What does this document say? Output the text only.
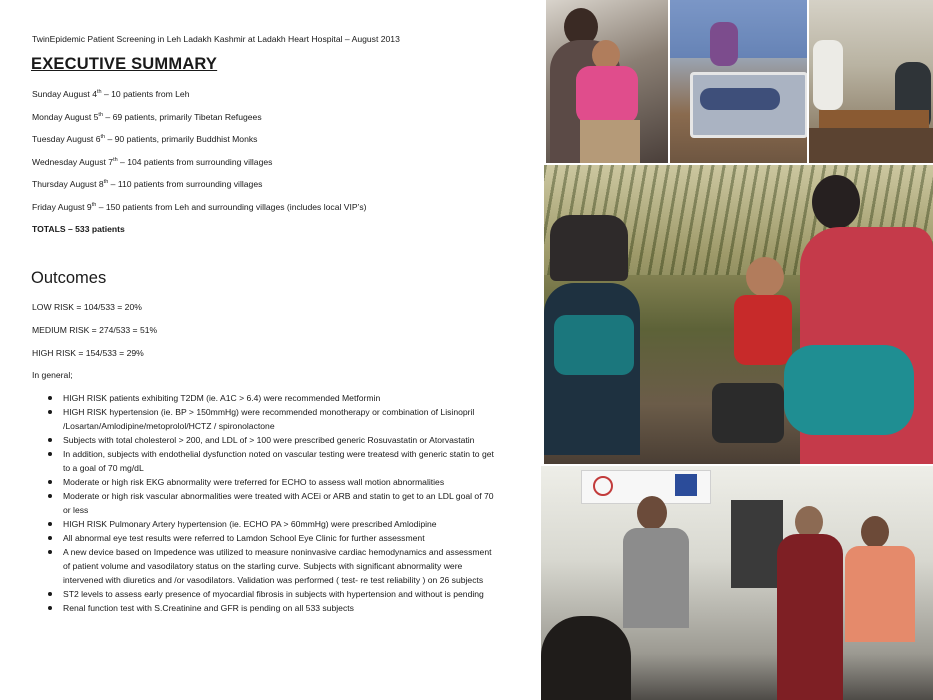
TwinEpidemic Patient Screening in Leh Ladakh Kashmir at Ladakh Heart Hospital – August 2013
EXECUTIVE SUMMARY
Sunday August 4th – 10 patients from Leh
Monday August 5th – 69 patients, primarily Tibetan Refugees
Tuesday August 6th – 90 patients, primarily Buddhist Monks
Wednesday August 7th – 104 patients from surrounding villages
Thursday August 8th – 110 patients from surrounding villages
Friday August 9th – 150 patients from Leh and surrounding villages (includes local VIP’s)
TOTALS – 533 patients
Outcomes
LOW RISK = 104/533 = 20%
MEDIUM RISK = 274/533 = 51%
HIGH RISK = 154/533 = 29%
In general;
HIGH RISK patients exhibiting T2DM (ie. A1C > 6.4) were recommended Metformin
HIGH RISK hypertension (ie. BP > 150mmHg) were recommended monotherapy or combination of Lisinopril /Losartan/Amlodipine/metoprolol/HCTZ / spironolactone
Subjects with total cholesterol > 200, and LDL of > 100 were prescribed generic Rosuvastatin or Atorvastatin
In addition, subjects with endothelial dysfunction noted on vascular testing were treatesd with generic statin to get to a goal of 70 mg/dL
Moderate or high risk EKG abnormality were treferred for ECHO to assess wall motion abnormalities
Moderate or high risk vascular abnormalities were treated with ACEi or ARB and statin to get to an LDL goal of 70 or less
HIGH RISK Pulmonary Artery hypertension (ie. ECHO PA > 60mmHg) were prescribed Amlodipine
All abnormal eye test results were referred to Lamdon School Eye Clinic for further assessment
A new device based on Impedence was utilized to measure noninvasive cardiac hemodynamics and assessment of patient volume and vasodilatory status on the starling curve. Subjects with significant abnormality were intervened with diuretics and /or vasodilators. Validation was performed ( test- re test reliability ) on 26 subjects
ST2 levels to assess early presence of myocardial fibrosis in subjects with hypertension and without is pending
Renal function test with S.Creatinine and GFR is pending on all 533 subjects
